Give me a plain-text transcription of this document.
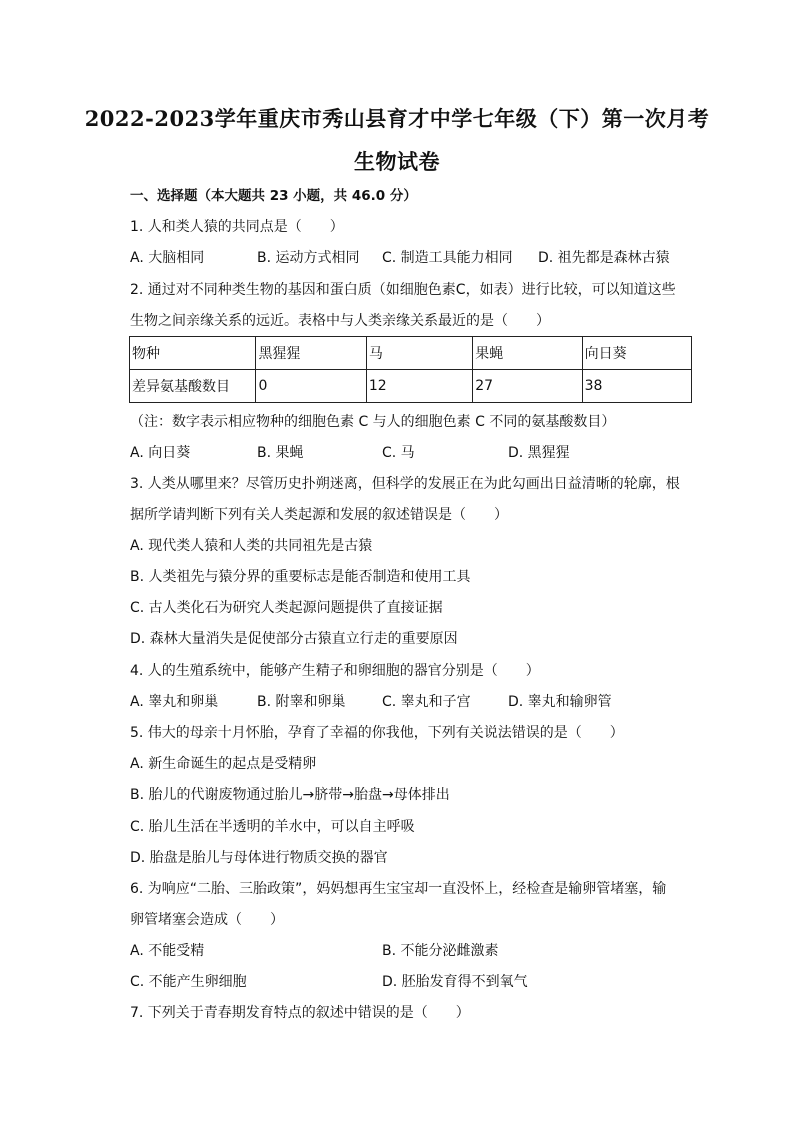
2022-2023学年重庆市秀山县育才中学七年级（下）第一次月考
生物试卷
一、选择题（本大题共 23 小题，共 46.0 分）
1. 人和类人猿的共同点是（　　）
A. 大脑相同	B. 运动方式相同 C. 制造工具能力相同 D. 祖先都是森林古猿
2. 通过对不同种类生物的基因和蛋白质（如细胞色素C，如表）进行比较，可以知道这些
生物之间亲缘关系的远近。表格中与人类亲缘关系最近的是（　　）
物种	黑猩猩	马	果蝇	向日葵
差异氨基酸数目	0	12	27	38
（注：数字表示相应物种的细胞色素 C 与人的细胞色素 C 不同的氨基酸数目）
A. 向日葵	B. 果蝇	C. 马	D. 黑猩猩
3. 人类从哪里来？尽管历史扑朔迷离，但科学的发展正在为此勾画出日益清晰的轮廓，根
据所学请判断下列有关人类起源和发展的叙述错误是（　　）
A. 现代类人猿和人类的共同祖先是古猿
B. 人类祖先与猿分界的重要标志是能否制造和使用工具
C. 古人类化石为研究人类起源问题提供了直接证据
D. 森林大量消失是促使部分古猿直立行走的重要原因
4. 人的生殖系统中，能够产生精子和卵细胞的器官分别是（　　）
A. 睾丸和卵巢	B. 附睾和卵巢	C. 睾丸和子宫	D. 睾丸和输卵管
5. 伟大的母亲十月怀胎，孕育了幸福的你我他，下列有关说法错误的是（　　）
A. 新生命诞生的起点是受精卵
B. 胎儿的代谢废物通过胎儿→脐带→胎盘→母体排出
C. 胎儿生活在半透明的羊水中，可以自主呼吸
D. 胎盘是胎儿与母体进行物质交换的器官
6. 为响应“二胎、三胎政策”，妈妈想再生宝宝却一直没怀上，经检查是输卵管堵塞，输
卵管堵塞会造成（　　）
A. 不能受精	B. 不能分泌雌激素
C. 不能产生卵细胞	D. 胚胎发育得不到氧气
7. 下列关于青春期发育特点的叙述中错误的是（　　）
